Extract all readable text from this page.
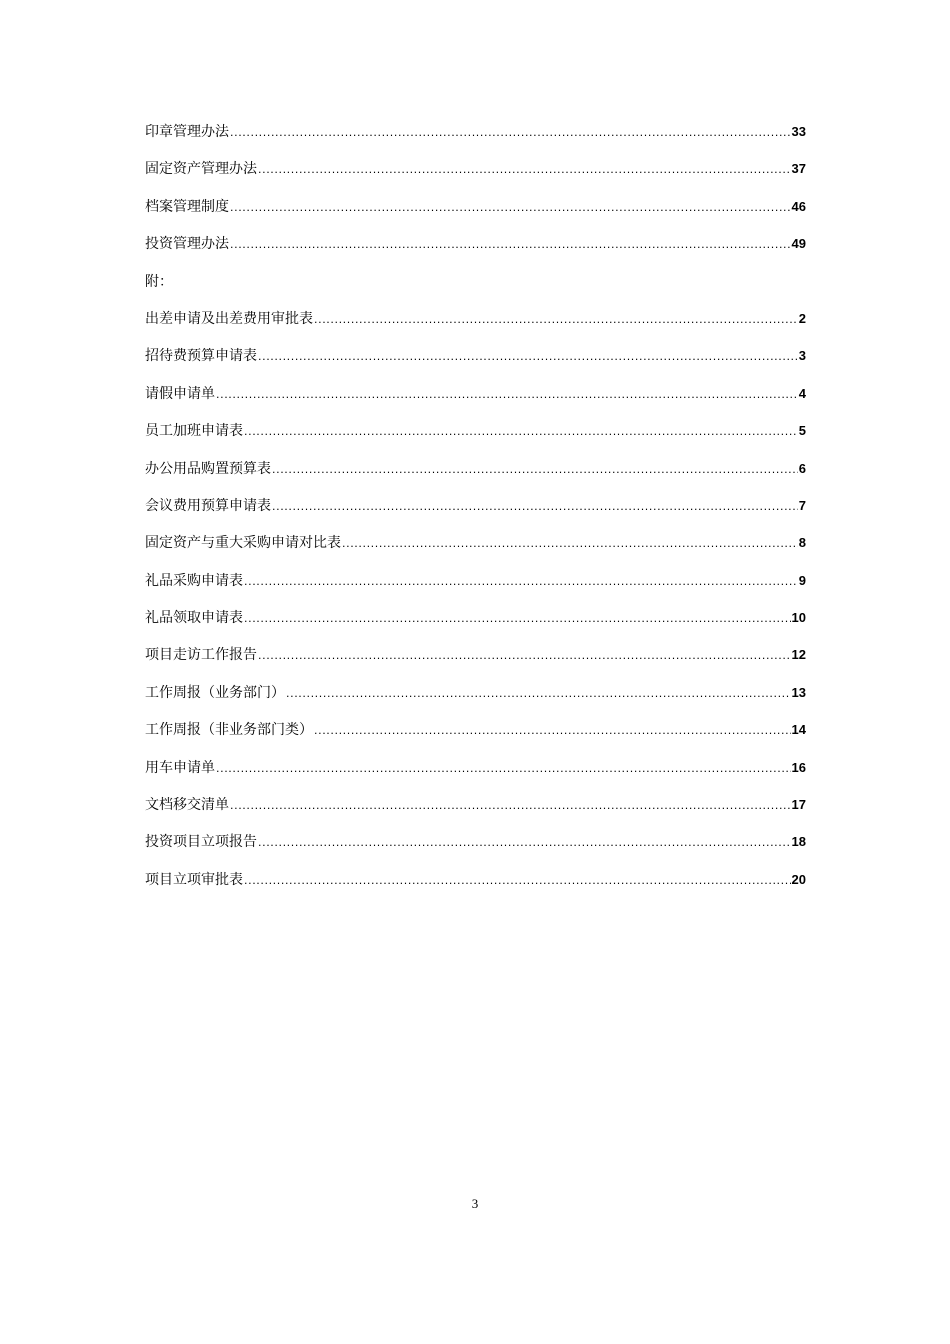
印章管理办法 .....	33
固定资产管理办法 .....	37
档案管理制度 .....	46
投资管理办法 .....	49
附：
出差申请及出差费用审批表 .....	2
招待费预算申请表 .....	3
请假申请单 .....	4
员工加班申请表 .....	5
办公用品购置预算表 .....	6
会议费用预算申请表 .....	7
固定资产与重大采购申请对比表 .....	8
礼品采购申请表 .....	9
礼品领取申请表 .....	10
项目走访工作报告 .....	12
工作周报（业务部门） .....	13
工作周报（非业务部门类） .....	14
用车申请单 .....	16
文档移交清单 .....	17
投资项目立项报告 .....	18
项目立项审批表 .....	20
3
